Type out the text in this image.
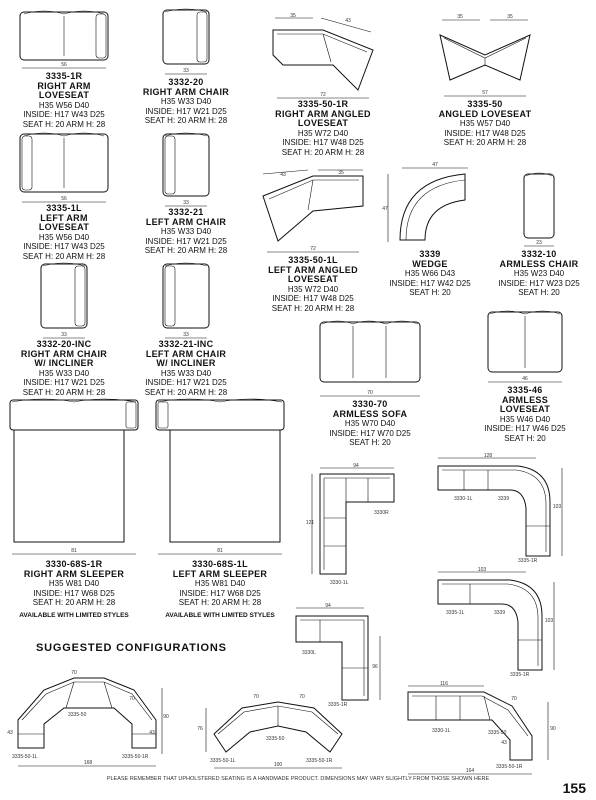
56
3335-1R
RIGHT ARM
LOVESEAT
H35 W56 D40
INSIDE: H17 W43 D25
SEAT H: 20 ARM H: 28
33
3332-20
RIGHT ARM CHAIR
H35 W33 D40
INSIDE: H17 W21 D25
SEAT H: 20 ARM H: 28
35
43
72
3335-50-1R
RIGHT ARM ANGLED
LOVESEAT
H35 W72 D40
INSIDE: H17 W48 D25
SEAT H: 20 ARM H: 28
35	35
57
3335-50
ANGLED LOVESEAT
H35 W57 D40
INSIDE: H17 W48 D25
SEAT H: 20 ARM H: 28
56
3335-1L
LEFT ARM
LOVESEAT
H35 W56 D40
INSIDE: H17 W43 D25
SEAT H: 20 ARM H: 28
33
3332-21
LEFT ARM CHAIR
H35 W33 D40
INSIDE: H17 W21 D25
SEAT H: 20 ARM H: 28
43	35
72
3335-50-1L
LEFT ARM ANGLED
LOVESEAT
H35 W72 D40
INSIDE: H17 W48 D25
SEAT H: 20 ARM H: 28
47
47
3339
WEDGE
H35 W66 D43
INSIDE: H17 W42 D25
SEAT H: 20
23
3332-10
ARMLESS CHAIR
H35 W23 D40
INSIDE: H17 W23 D25
SEAT H: 20
33
3332-20-INC
RIGHT ARM CHAIR
W/ INCLINER
H35 W33 D40
INSIDE: H17 W21 D25
SEAT H: 20 ARM H: 28
33
3332-21-INC
LEFT ARM CHAIR
W/ INCLINER
H35 W33 D40
INSIDE: H17 W21 D25
SEAT H: 20 ARM H: 28	70
3330-70
ARMLESS SOFA
H35 W70 D40
INSIDE: H17 W70 D25
SEAT H: 20
46
3335-46
ARMLESS
LOVESEAT
H35 W46 D40
INSIDE: H17 W46 D25
SEAT H: 20
81
3330-68S-1R
RIGHT ARM SLEEPER
H35 W81 D40
INSIDE: H17 W68 D25
SEAT H: 20 ARM H: 28
AVAILABLE WITH LIMITED STYLES
81
3330-68S-1L
LEFT ARM SLEEPER
H35 W81 D40
INSIDE: H17 W68 D25
SEAT H: 20 ARM H: 28
AVAILABLE WITH LIMITED STYLES
94
121
3330R
3330-1L
128
103
3330-1L	3339
3335-1R
103
103
3335-1L	3339
3335-1R
94
96
3330L
3335-1R
SUGGESTED CONFIGURATIONS
70
70
43	43
90
3335-50
3335-50-1L	3335-50-1R
168
70	70
76
3335-50
3335-50-1L	3335-50-1R
100
116
70
43
90
3330-1L	3335-50
3335-50-1R
164
PLEASE REMEMBER THAT UPHOLSTERED SEATING IS A HANDMADE PRODUCT. DIMENSIONS MAY VARY SLIGHTLY FROM THOSE SHOWN HERE
155
